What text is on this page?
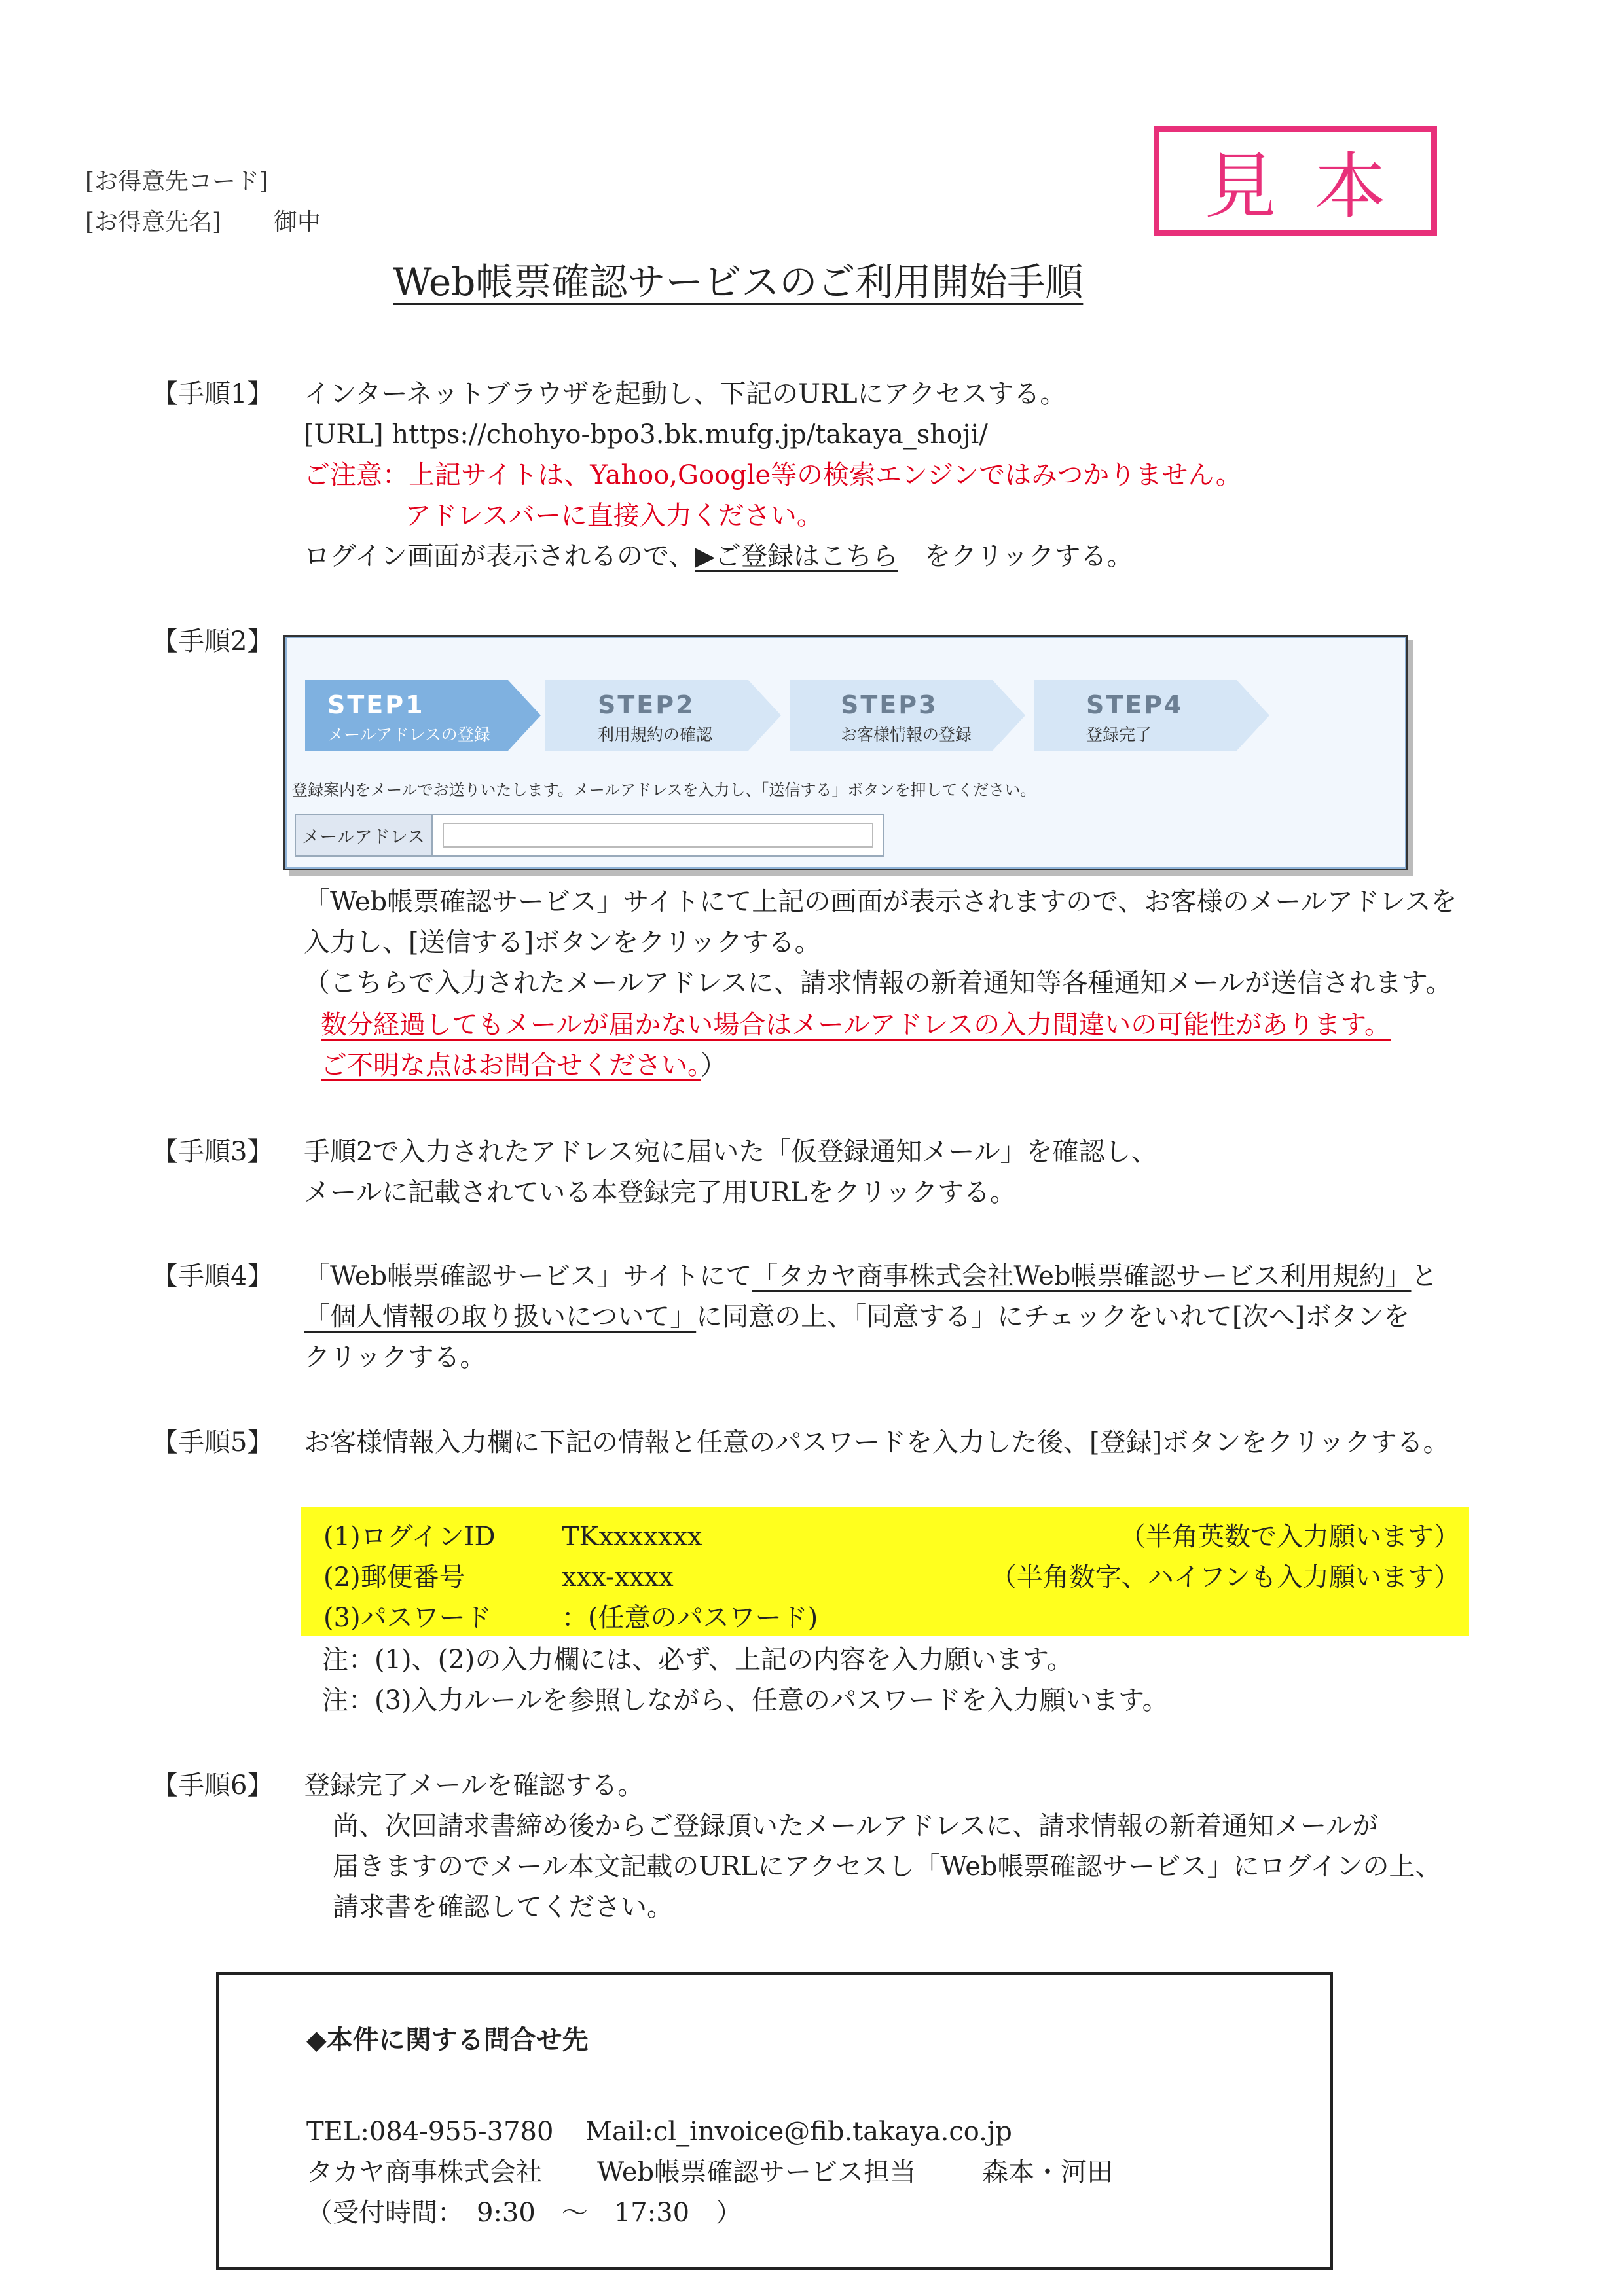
[お得意先コード]
[お得意先名] 御中	見 本
Web帳票確認サービスのご利用開始手順
【手順1】 インターネットブラウザを起動し、下記のURLにアクセスする。
[URL] https://chohyo-bpo3.bk.mufg.jp/takaya_shoji/
ご注意：上記サイトは、Yahoo,Google等の検索エンジンではみつかりません。
アドレスバーに直接入力ください。
ログイン画面が表示されるので、▶ご登録はこちら をクリックする。
【手順2】
STEP1
メールアドレスの登録
STEP2
利用規約の確認
STEP3
お客様情報の登録
STEP4
登録完了
登録案内をメールでお送りいたします。メールアドレスを入力し、「送信する」ボタンを押してください。
メールアドレス
「Web帳票確認サービス」サイトにて上記の画面が表示されますので、お客様のメールアドレスを
入力し、[送信する]ボタンをクリックする。
（こちらで入力されたメールアドレスに、請求情報の新着通知等各種通知メールが送信されます。
数分経過してもメールが届かない場合はメールアドレスの入力間違いの可能性があります。
ご不明な点はお問合せください。）
【手順3】 手順2で入力されたアドレス宛に届いた「仮登録通知メール」を確認し、
メールに記載されている本登録完了用URLをクリックする。
【手順4】 「Web帳票確認サービス」サイトにて「タカヤ商事株式会社Web帳票確認サービス利用規約」と
「個人情報の取り扱いについて」に同意の上、「同意する」にチェックをいれて[次へ]ボタンを
クリックする。
【手順5】 お客様情報入力欄に下記の情報と任意のパスワードを入力した後、[登録]ボタンをクリックする。
(1)ログインID	TKxxxxxxx	（半角英数で入力願います）
(2)郵便番号	xxx-xxxx	（半角数字、ハイフンも入力願います）
(3)パスワード	：(任意のパスワード)
注：(1)、(2)の入力欄には、必ず、上記の内容を入力願います。
注：(3)入力ルールを参照しながら、任意のパスワードを入力願います。
【手順6】 登録完了メールを確認する。
尚、次回請求書締め後からご登録頂いたメールアドレスに、請求情報の新着通知メールが
届きますのでメール本文記載のURLにアクセスし「Web帳票確認サービス」にログインの上、
請求書を確認してください。
◆本件に関する問合せ先
TEL:084-955-3780 Mail:cl_invoice@fib.takaya.co.jp
タカヤ商事株式会社 Web帳票確認サービス担当	森本・河田
（受付時間：　9:30　～　17:30　）
